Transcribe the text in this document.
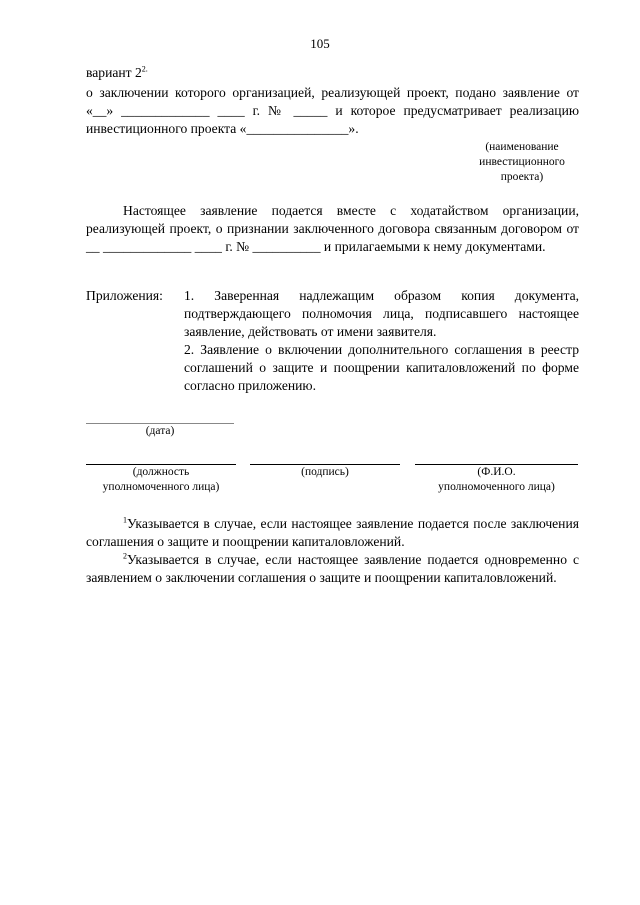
105
вариант $2^{2.}$
о заключении которого организацией, реализующей проект, подано заявление от «__» _____________ ____ г. № _____ и которое предусматривает реализацию инвестиционного проекта «_______________».
(наименование
инвестиционного
проекта)
Настоящее заявление подается вместе с ходатайством организации, реализующей проект, о признании заключенного договора связанным договором от __ _____________ ____ г. № __________ и прилагаемыми к нему документами.
Приложения:	1. Заверенная надлежащим образом копия документа, подтверждающего полномочия лица, подписавшего настоящее заявление, действовать от имени заявителя.

2. Заявление о включении дополнительного соглашения в реестр соглашений о защите и поощрении капиталовложений по форме согласно приложению.

(дата)
(должность
уполномоченного лица)
(подпись)	(Ф.И.О.
уполномоченного лица)

$^1$Указывается в случае, если настоящее заявление подается после заключения соглашения о защите и поощрении капиталовложений.

$^2$Указывается в случае, если настоящее заявление подается одновременно с заявлением о заключении соглашения о защите и поощрении капиталовложений.
